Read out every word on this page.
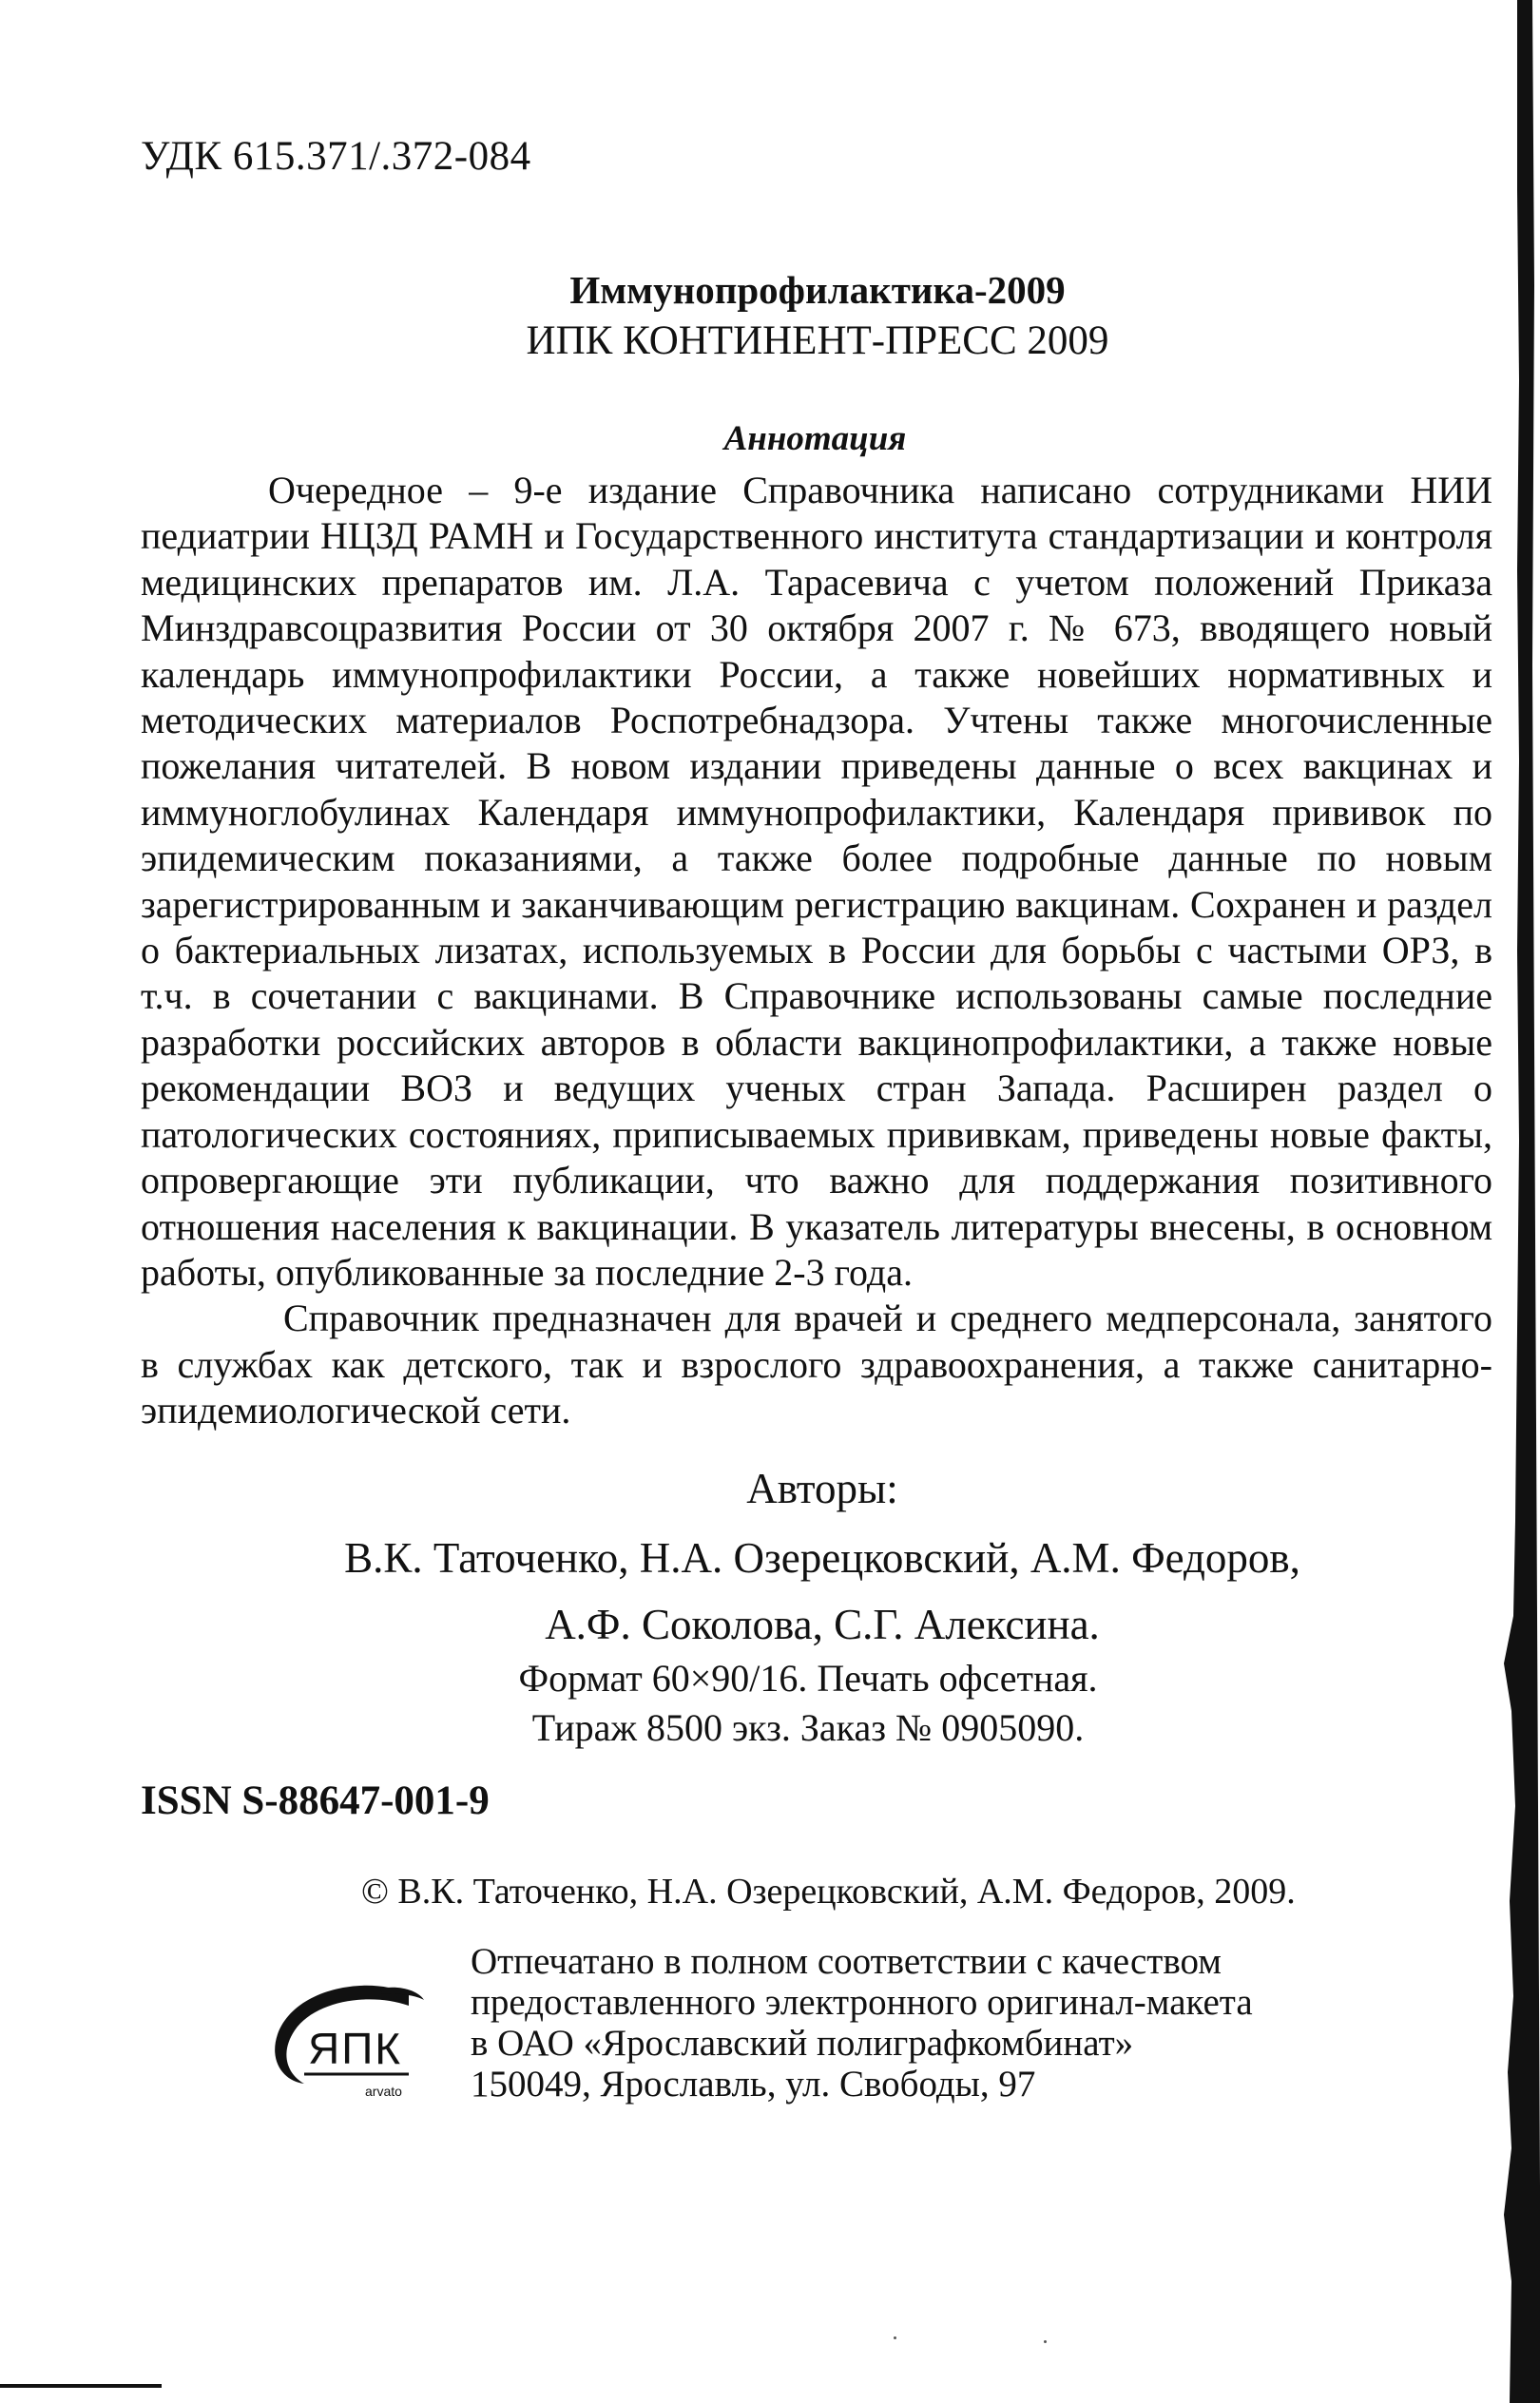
УДК 615.371/.372-084
Иммунопрофилактика-2009
ИПК КОНТИНЕНТ-ПРЕСС 2009
Аннотация

Очередное – 9-е издание Справочника написано сотрудниками НИИ педиатрии НЦЗД РАМН и Государственного института стандартизации и контроля медицинских препаратов им. Л.А. Тарасевича с учетом положений Приказа Минздравсоцразвития России от 30 октября 2007 г. № 673, вводящего новый календарь иммунопрофилактики России, а также новейших нормативных и методических материалов Роспотребнадзора. Учтены также многочисленные пожелания читателей. В новом издании приведены данные о всех вакцинах и иммуноглобулинах Календаря иммунопрофилактики, Календаря прививок по эпидемическим показаниями, а также более подробные данные по новым зарегистрированным и заканчивающим регистрацию вакцинам. Сохранен и раздел о бактериальных лизатах, используемых в России для борьбы с частыми ОРЗ, в т.ч. в сочетании с вакцинами. В Справочнике использованы самые последние разработки российских авторов в области вакцинопрофилактики, а также новые рекомендации ВОЗ и ведущих ученых стран Запада. Расширен раздел о патологических состояниях, приписываемых прививкам, приведены новые факты, опровергающие эти публикации, что важно для поддержания позитивного отношения населения к вакцинации. В указатель литературы внесены, в основном работы, опубликованные за последние 2-3 года.

Справочник предназначен для врачей и среднего медперсонала, занятого в службах как детского, так и взрослого здравоохранения, а также санитарно-эпидемиологической сети.

Авторы:
В.К. Таточенко, Н.А. Озерецковский, А.М. Федоров,
А.Ф. Соколова, С.Г. Алексина.
Формат 60×90/16. Печать офсетная.
Тираж 8500 экз. Заказ № 0905090.
ISSN S-88647-001-9
© В.К. Таточенко, Н.А. Озерецковский, А.М. Федоров, 2009.
ЯПК
arvato
Отпечатано в полном соответствии с качеством
предоставленного электронного оригинал-макета
в ОАО «Ярославский полиграфкомбинат»
150049, Ярославль, ул. Свободы, 97
